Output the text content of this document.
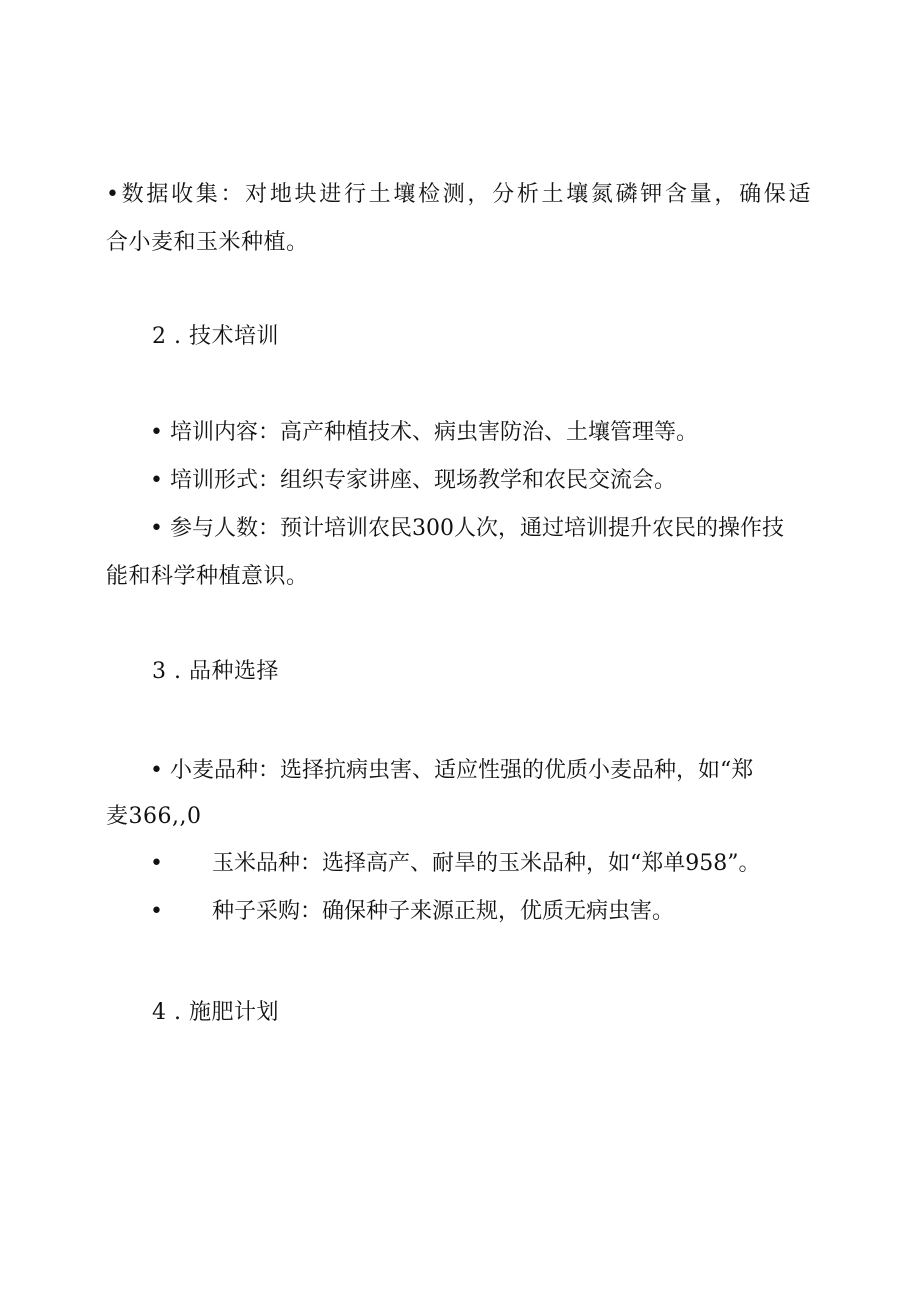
•数据收集：对地块进行土壤检测，分析土壤氮磷钾含量，确保适
合小麦和玉米种植。
2 . 技术培训
• 培训内容：高产种植技术、病虫害防治、土壤管理等。
• 培训形式：组织专家讲座、现场教学和农民交流会。
• 参与人数：预计培训农民300人次，通过培训提升农民的操作技
能和科学种植意识。
3 . 品种选择
• 小麦品种：选择抗病虫害、适应性强的优质小麦品种，如“郑
麦366,,0
• 玉米品种：选择高产、耐旱的玉米品种，如“郑单958”。
• 种子采购：确保种子来源正规，优质无病虫害。
4 . 施肥计划
